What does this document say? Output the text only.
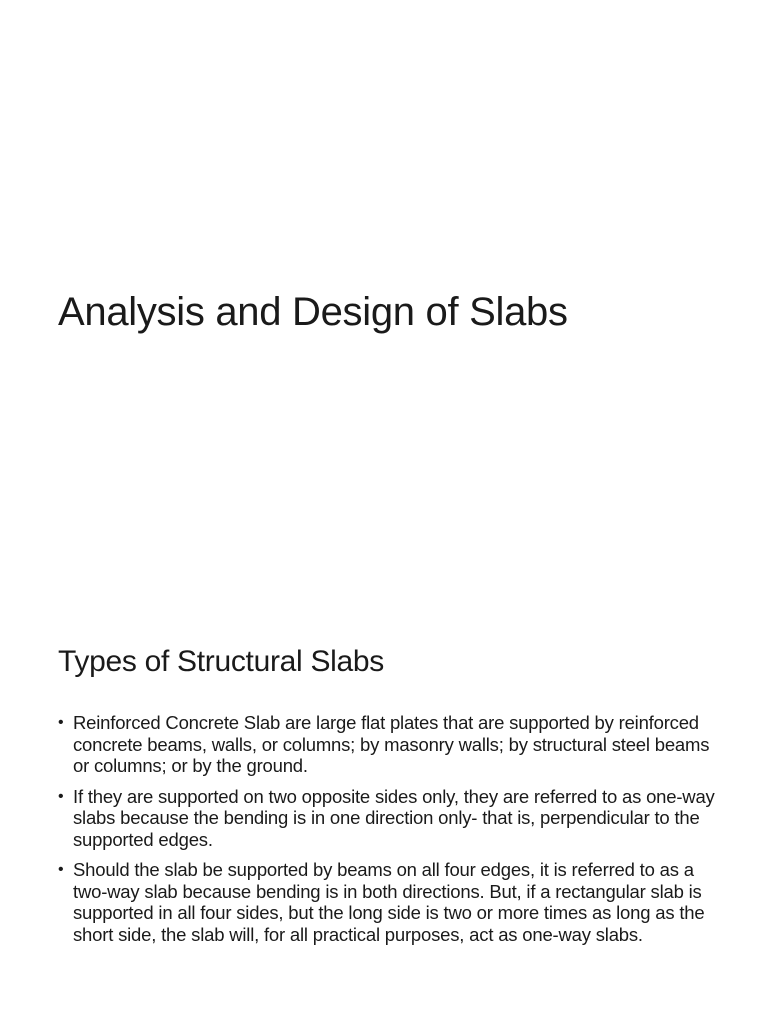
Analysis and Design of Slabs
Types of Structural Slabs
• Reinforced Concrete Slab are large flat plates that are supported by reinforced concrete beams, walls, or columns; by masonry walls; by structural steel beams or columns; or by the ground.
• If they are supported on two opposite sides only, they are referred to as one-way slabs because the bending is in one direction only- that is, perpendicular to the supported edges.
• Should the slab be supported by beams on all four edges, it is referred to as a two-way slab because bending is in both directions. But, if a rectangular slab is supported in all four sides, but the long side is two or more times as long as the short side, the slab will, for all practical purposes, act as one-way slabs.
